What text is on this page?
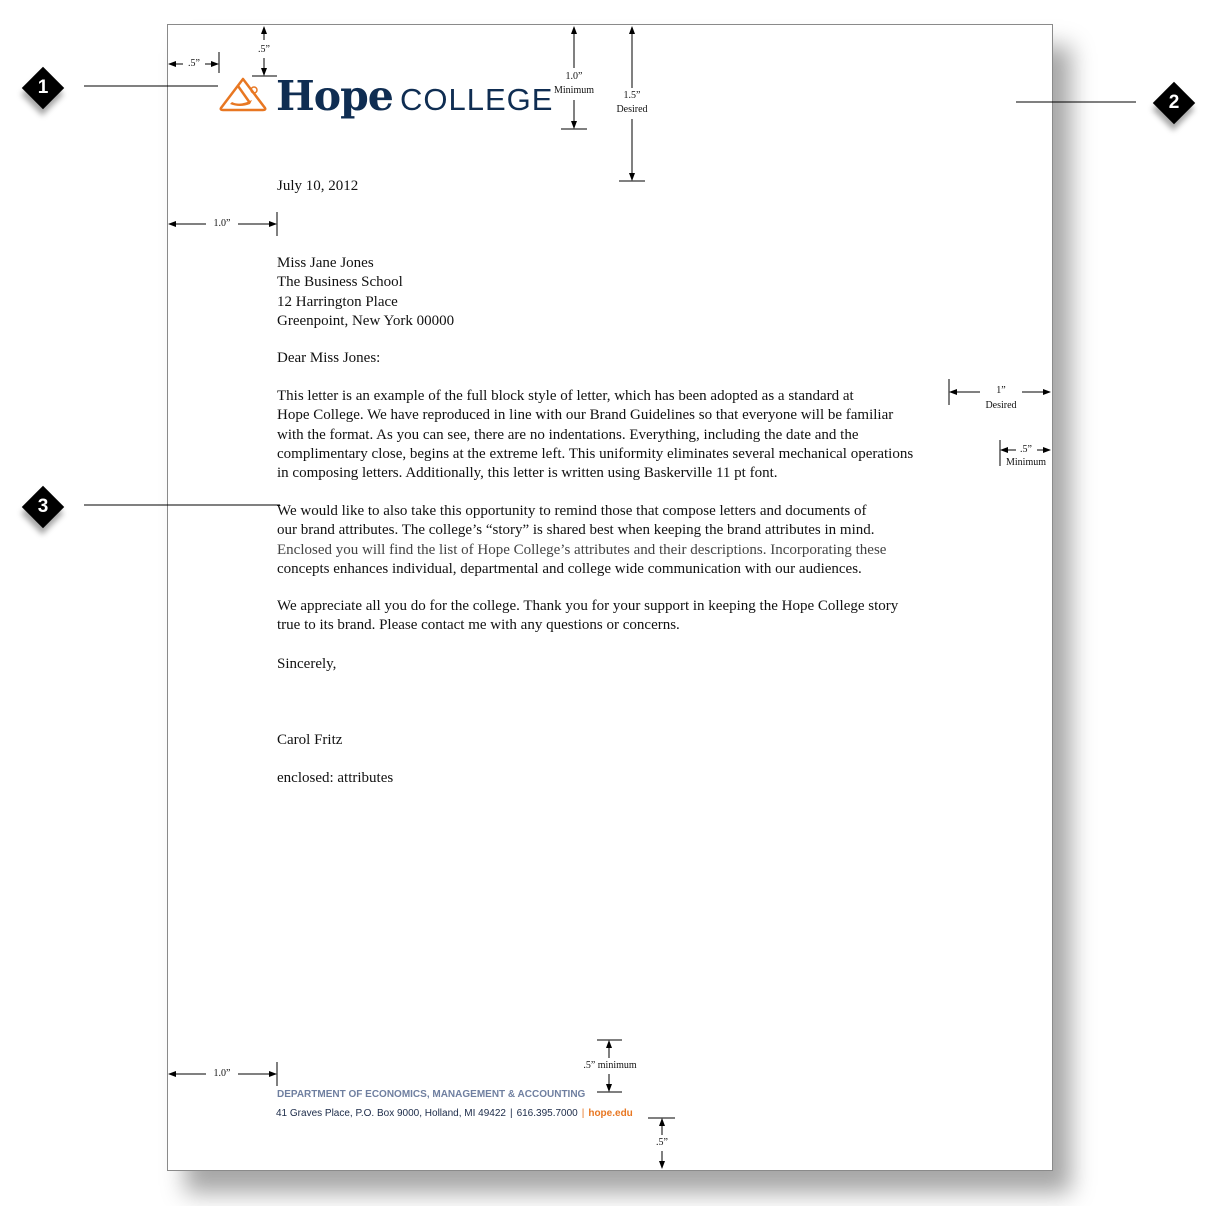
1
2
3
Hope COLLEGE
.5”
.5”
1.0”
Minimum	1.5”
Desired
1.0”
1”
Desired
.5”
Minimum
1.0”
.5” minimum
.5”
July 10, 2012
Miss Jane Jones
The Business School
12 Harrington Place
Greenpoint, New York 00000
Dear Miss Jones:
This letter is an example of the full block style of letter, which has been adopted as a standard at
Hope College. We have reproduced in line with our Brand Guidelines so that everyone will be familiar
with the format. As you can see, there are no indentations. Everything, including the date and the
complimentary close, begins at the extreme left. This uniformity eliminates several mechanical operations
in composing letters. Additionally, this letter is written using Baskerville 11 pt font.
We would like to also take this opportunity to remind those that compose letters and documents of
our brand attributes. The college’s “story” is shared best when keeping the brand attributes in mind.
Enclosed you will find the list of Hope College’s attributes and their descriptions. Incorporating these
concepts enhances individual, departmental and college wide communication with our audiences.
We appreciate all you do for the college. Thank you for your support in keeping the Hope College story
true to its brand. Please contact me with any questions or concerns.
Sincerely,
Carol Fritz
enclosed: attributes
DEPARTMENT OF ECONOMICS, MANAGEMENT & ACCOUNTING
41 Graves Place, P.O. Box 9000, Holland, MI 49422 | 616.395.7000 | hope.edu
